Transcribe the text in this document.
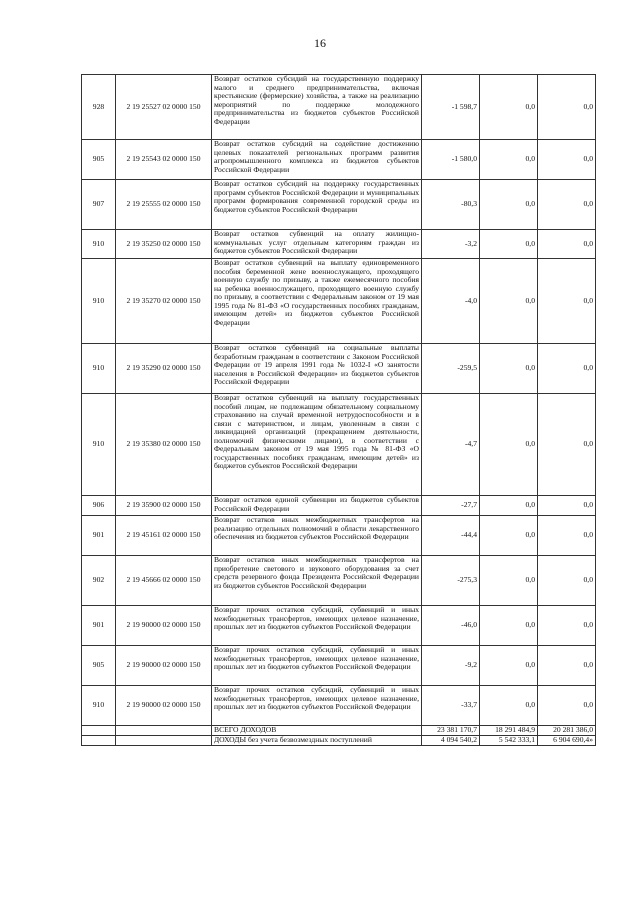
16
928	2 19 25527 02 0000 150	Возврат остатков субсидий на государственную поддержку малого и среднего предпринимательства, включая крестьянские (фермерские) хозяйства, а также на реализацию мероприятий по поддержке молодежного предпринимательства из бюджетов субъектов Российской Федерации	-1 598,7	0,0	0,0
905	2 19 25543 02 0000 150	Возврат остатков субсидий на содействие достижению целевых показателей региональных программ развития агропромышленного комплекса из бюджетов субъектов Российской Федерации	-1 580,0	0,0	0,0
907	2 19 25555 02 0000 150	Возврат остатков субсидий на поддержку государственных программ субъектов Российской Федерации и муниципальных программ формирования современной городской среды из бюджетов субъектов Российской Федерации	-80,3	0,0	0,0
910	2 19 35250 02 0000 150	Возврат остатков субвенций на оплату жилищно-коммунальных услуг отдельным категориям граждан из бюджетов субъектов Российской Федерации	-3,2	0,0	0,0
910	2 19 35270 02 0000 150	Возврат остатков субвенций на выплату единовременного пособия беременной жене военнослужащего, проходящего военную службу по призыву, а также ежемесячного пособия на ребенка военнослужащего, проходящего военную службу по призыву, в соответствии с Федеральным законом от 19 мая 1995 года № 81-ФЗ «О государственных пособиях гражданам, имеющим детей» из бюджетов субъектов Российской Федерации	-4,0	0,0	0,0
910	2 19 35290 02 0000 150	Возврат остатков субвенций на социальные выплаты безработным гражданам в соответствии с Законом Российской Федерации от 19 апреля 1991 года № 1032-I «О занятости населения в Российской Федерации» из бюджетов субъектов Российской Федерации	-259,5	0,0	0,0
910	2 19 35380 02 0000 150	Возврат остатков субвенций на выплату государственных пособий лицам, не подлежащим обязательному социальному страхованию на случай временной нетрудоспособности и в связи с материнством, и лицам, уволенным в связи с ликвидацией организаций (прекращением деятельности, полномочий физическими лицами), в соответствии с Федеральным законом от 19 мая 1995 года № 81-ФЗ «О государственных пособиях гражданам, имеющим детей» из бюджетов субъектов Российской Федерации	-4,7	0,0	0,0
906	2 19 35900 02 0000 150	Возврат остатков единой субвенции из бюджетов субъектов Российской Федерации	-27,7	0,0	0,0
901	2 19 45161 02 0000 150	Возврат остатков иных межбюджетных трансфертов на реализацию отдельных полномочий в области лекарственного обеспечения из бюджетов субъектов Российской Федерации	-44,4	0,0	0,0
902	2 19 45666 02 0000 150	Возврат остатков иных межбюджетных трансфертов на приобретение светового и звукового оборудования за счет средств резервного фонда Президента Российской Федерации из бюджетов субъектов Российской Федерации	-275,3	0,0	0,0
901	2 19 90000 02 0000 150	Возврат прочих остатков субсидий, субвенций и иных межбюджетных трансфертов, имеющих целевое назначение, прошлых лет из бюджетов субъектов Российской Федерации	-46,0	0,0	0,0
905	2 19 90000 02 0000 150	Возврат прочих остатков субсидий, субвенций и иных межбюджетных трансфертов, имеющих целевое назначение, прошлых лет из бюджетов субъектов Российской Федерации	-9,2	0,0	0,0
910	2 19 90000 02 0000 150	Возврат прочих остатков субсидий, субвенций и иных межбюджетных трансфертов, имеющих целевое назначение, прошлых лет из бюджетов субъектов Российской Федерации	-33,7	0,0	0,0
		ВСЕГО ДОХОДОВ	23 381 170,7	18 291 484,9	20 281 386,0
		ДОХОДЫ без учета безвозмездных поступлений	4 094 540,2	5 542 333,1	6 904 690,4»
